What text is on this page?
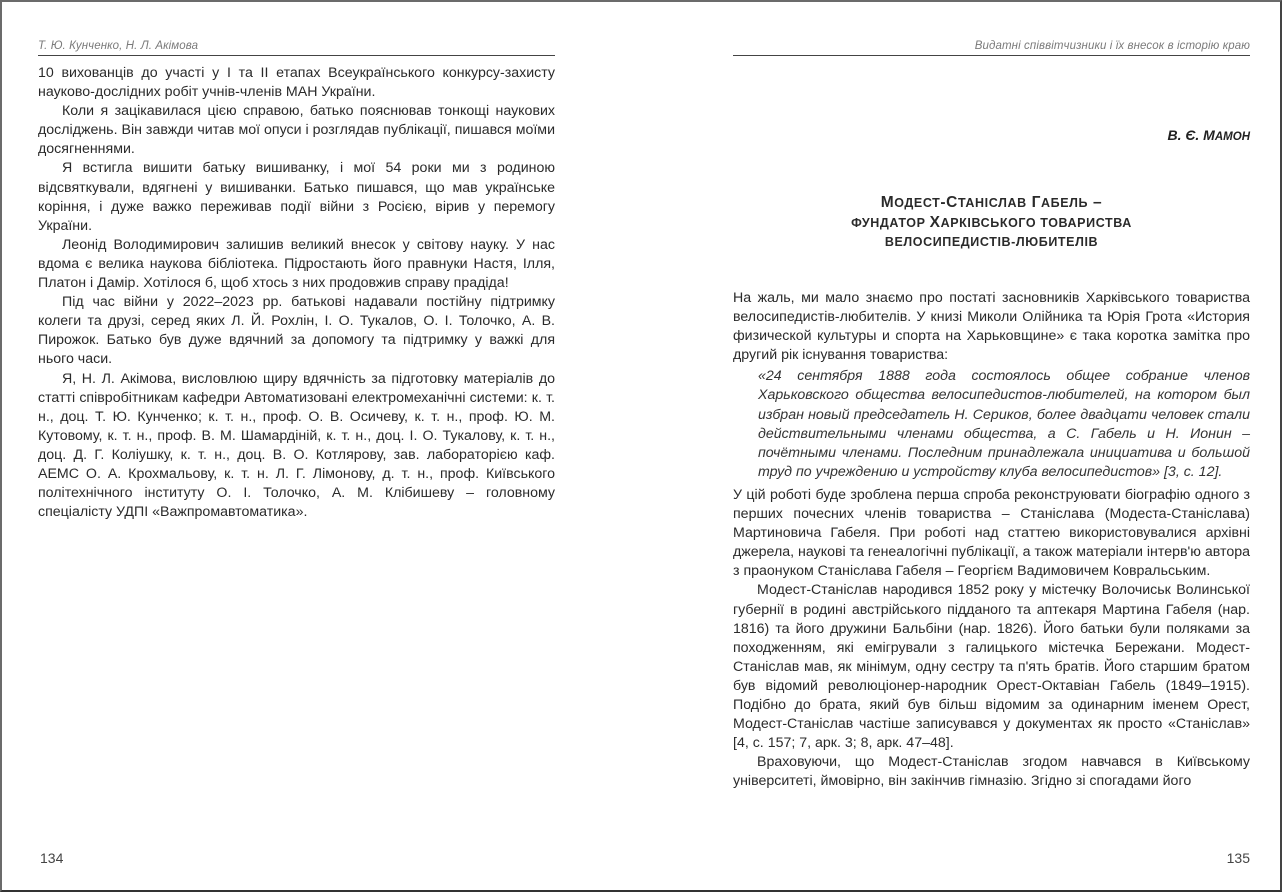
Т. Ю. Кунченко, Н. Л. Акімова

10 вихованців до участі у І та ІІ етапах Всеукраїнського конкурсу-захисту науково-дослідних робіт учнів-членів МАН України.

Коли я зацікавилася цією справою, батько пояснював тонкощі наукових досліджень. Він завжди читав мої опуси і розглядав публікації, пишався моїми досягненнями.

Я встигла вишити батьку вишиванку, і мої 54 роки ми з родиною відсвяткували, вдягнені у вишиванки. Батько пишався, що мав українське коріння, і дуже важко переживав події війни з Росією, вірив у перемогу України.

Леонід Володимирович залишив великий внесок у світову науку. У нас вдома є велика наукова бібліотека. Підростають його правнуки Настя, Ілля, Платон і Дамір. Хотілося б, щоб хтось з них продовжив справу прадіда!

Під час війни у 2022–2023 рр. батькові надавали постійну підтримку колеги та друзі, серед яких Л. Й. Рохлін, І. О. Тукалов, О. І. Толочко, А. В. Пирожок. Батько був дуже вдячний за допомогу та підтримку у важкі для нього часи.

Я, Н. Л. Акімова, висловлюю щиру вдячність за підготовку матеріалів до статті співробітникам кафедри Автоматизовані електромеханічні системи: к. т. н., доц. Т. Ю. Кунченко; к. т. н., проф. О. В. Осичеву, к. т. н., проф. Ю. М. Кутовому, к. т. н., проф. В. М. Шамардіній, к. т. н., доц. І. О. Тукалову, к. т. н., доц. Д. Г. Коліушку, к. т. н., доц. В. О. Котлярову, зав. лабораторією каф. АЕМС О. А. Крохмальову, к. т. н. Л. Г. Лімонову, д. т. н., проф. Київського політехнічного інституту О. І. Толочко, А. М. Клібишеву – головному спеціалісту УДПІ «Важпромавтоматика».

134
Видатні співвітчизники і їх внесок в історію краю
В. Є. МАМОН
МОДЕСТ-СТАНІСЛАВ ГАБЕЛЬ –
ФУНДАТОР ХАРКІВСЬКОГО ТОВАРИСТВА
ВЕЛОСИПЕДИСТІВ-ЛЮБИТЕЛІВ

На жаль, ми мало знаємо про постаті засновників Харківського товариства велосипедистів-любителів. У книзі Миколи Олійника та Юрія Грота «История физической культуры и спорта на Харьковщине» є така коротка замітка про другий рік існування товариства:

«24 сентября 1888 года состоялось общее собрание членов Харьковского общества велосипедистов-любителей, на котором был избран новый председатель Н. Сериков, более двадцати человек стали действительными членами общества, а С. Габель и Н. Ионин – почётными членами. Последним принадлежала инициатива и большой труд по учреждению и устройству клуба велосипедистов» [3, с. 12].

У цій роботі буде зроблена перша спроба реконструювати біографію одного з перших почесних членів товариства – Станіслава (Модеста-Станіслава) Мартиновича Габеля. При роботі над статтею використовувалися архівні джерела, наукові та генеалогічні публікації, а також матеріали інтерв'ю автора з праонуком Станіслава Габеля – Георгієм Вадимовичем Ковральським.

Модест-Станіслав народився 1852 року у містечку Волочиськ Волинської губернії в родині австрійського підданого та аптекаря Мартина Габеля (нар. 1816) та його дружини Бальбіни (нар. 1826). Його батьки були поляками за походженням, які емігрували з галицького містечка Бережани. Модест-Станіслав мав, як мінімум, одну сестру та п'ять братів. Його старшим братом був відомий революціонер-народник Орест-Октавіан Габель (1849–1915). Подібно до брата, який був більш відомим за одинарним іменем Орест, Модест-Станіслав частіше записувався у документах як просто «Станіслав» [4, с. 157; 7, арк. 3; 8, арк. 47–48].

Враховуючи, що Модест-Станіслав згодом навчався в Київському університеті, ймовірно, він закінчив гімназію. Згідно зі спогадами його

135
